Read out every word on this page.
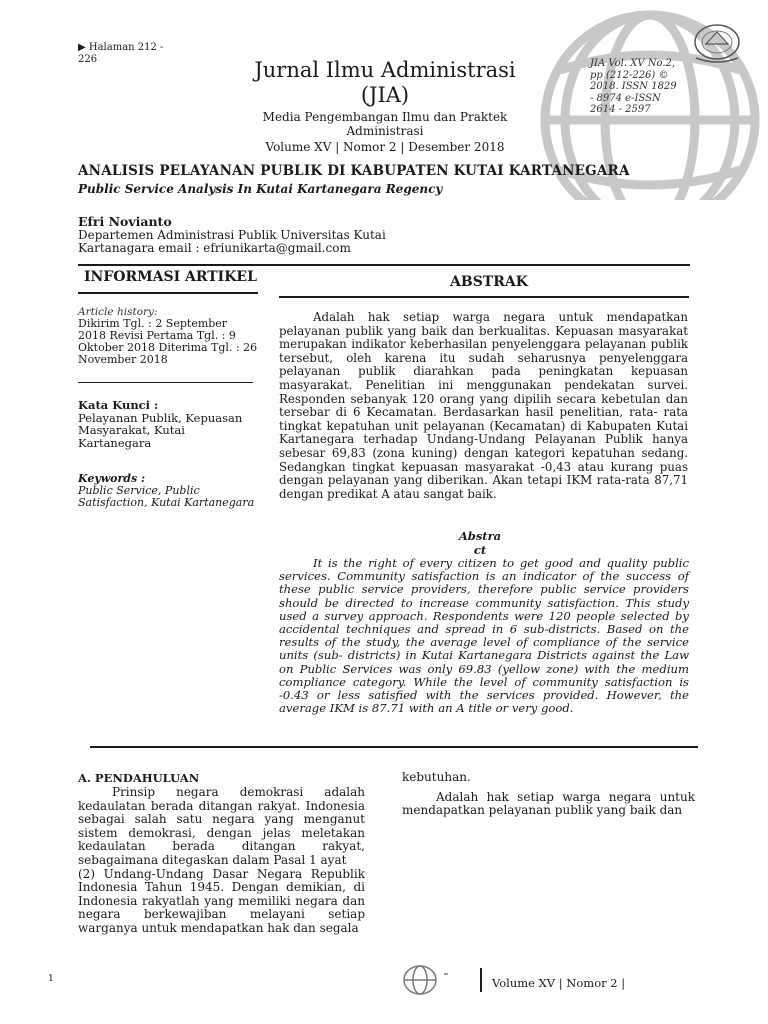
▶ Halaman 212 - 226	Jurnal Ilmu Administrasi (JIA)
Media Pengembangan Ilmu dan Praktek Administrasi
Volume XV | Nomor 2 | Desember 2018
JIA Vol. XV No.2, pp (212-226) © 2018. ISSN 1829 - 8974 e-ISSN 2614 - 2597
ANALISIS PELAYANAN PUBLIK DI KABUPATEN KUTAI KARTANEGARA
Public Service Analysis In Kutai Kartanegara Regency
Efri Novianto
Departemen Administrasi Publik Universitas Kutai Kartanagara email : efriunikarta@gmail.com
INFORMASI ARTIKEL	ABSTRAK
Article history:
Dikirim Tgl. : 2 September 2018 Revisi Pertama Tgl. : 9 Oktober 2018 Diterima Tgl. : 26 November 2018
Kata Kunci :
Pelayanan Publik, Kepuasan Masyarakat, Kutai Kartanegara
Keywords :
Public Service, Public Satisfaction, Kutai Kartanegara
Adalah hak setiap warga negara untuk mendapatkan pelayanan publik yang baik dan berkualitas. Kepuasan masyarakat merupakan indikator keberhasilan penyelenggara pelayanan publik tersebut, oleh karena itu sudah seharusnya penyelenggara pelayanan publik diarahkan pada peningkatan kepuasan masyarakat. Penelitian ini menggunakan pendekatan survei. Responden sebanyak 120 orang yang dipilih secara kebetulan dan tersebar di 6 Kecamatan. Berdasarkan hasil penelitian, rata- rata tingkat kepatuhan unit pelayanan (Kecamatan) di Kabupaten Kutai Kartanegara terhadap Undang-Undang Pelayanan Publik hanya sebesar 69,83 (zona kuning) dengan kategori kepatuhan sedang. Sedangkan tingkat kepuasan masyarakat -0,43 atau kurang puas dengan pelayanan yang diberikan. Akan tetapi IKM rata-rata 87,71 dengan predikat A atau sangat baik.
Abstra
ct
It is the right of every citizen to get good and quality public services. Community satisfaction is an indicator of the success of these public service providers, therefore public service providers should be directed to increase community satisfaction. This study used a survey approach. Respondents were 120 people selected by accidental techniques and spread in 6 sub-districts. Based on the results of the study, the average level of compliance of the service units (sub- districts) in Kutai Kartanegara Districts against the Law on Public Services was only 69.83 (yellow zone) with the medium compliance category. While the level of community satisfaction is -0.43 or less satisfied with the services provided. However, the average IKM is 87.71 with an A title or very good.
A. PENDAHULUAN
Prinsip negara demokrasi adalah kedaulatan berada ditangan rakyat. Indonesia sebagai salah satu negara yang menganut sistem demokrasi, dengan jelas meletakan kedaulatan berada ditangan rakyat, sebagaimana ditegaskan dalam Pasal 1 ayat
(2) Undang-Undang Dasar Negara Republik Indonesia Tahun 1945. Dengan demikian, di Indonesia rakyatlah yang memiliki negara dan negara berkewajiban melayani setiap warganya untuk mendapatkan hak dan segala
kebutuhan.
Adalah hak setiap warga negara untuk mendapatkan pelayanan publik yang baik dan
1	Volume XV | Nomor 2 |
